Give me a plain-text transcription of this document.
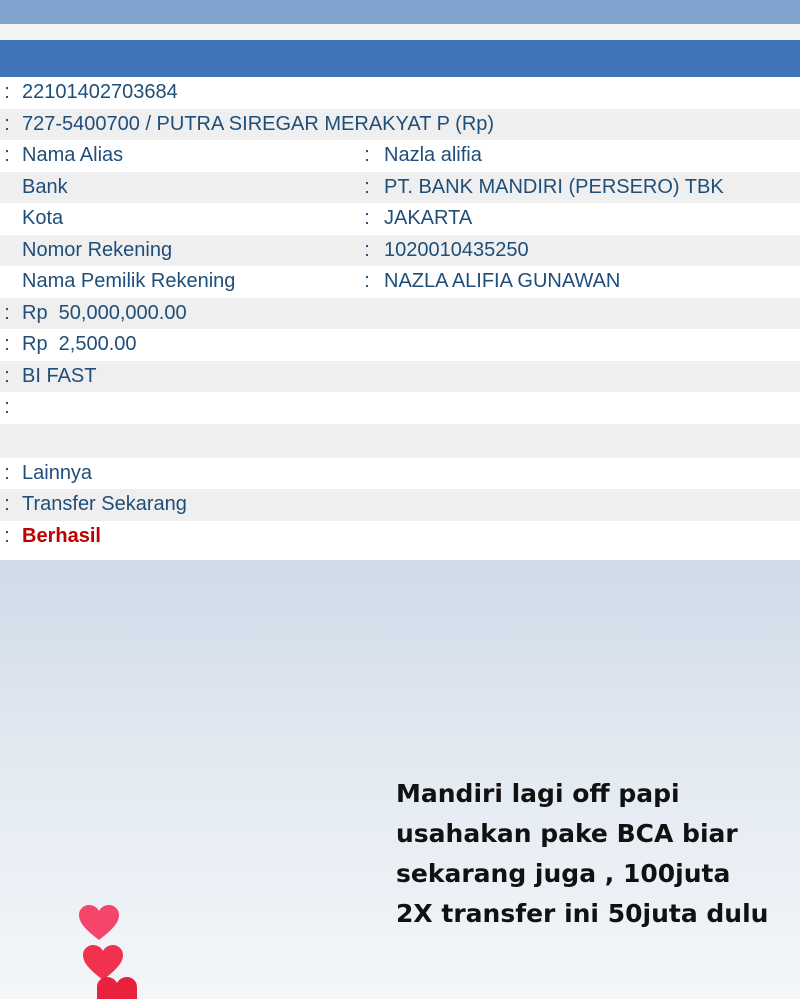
: 22101402703684
: 727-5400700 / PUTRA SIREGAR MERAKYAT P (Rp)
: Nama Alias	: Nazla alifia
Bank	: PT. BANK MANDIRI (PERSERO) TBK
Kota	: JAKARTA
Nomor Rekening	: 1020010435250
Nama Pemilik Rekening	: NAZLA ALIFIA GUNAWAN
: Rp  50,000,000.00
: Rp  2,500.00
: BI FAST
:
: Lainnya
: Transfer Sekarang
: Berhasil
Mandiri lagi off papi
usahakan pake BCA biar
sekarang juga , 100juta
2X transfer ini 50juta dulu
